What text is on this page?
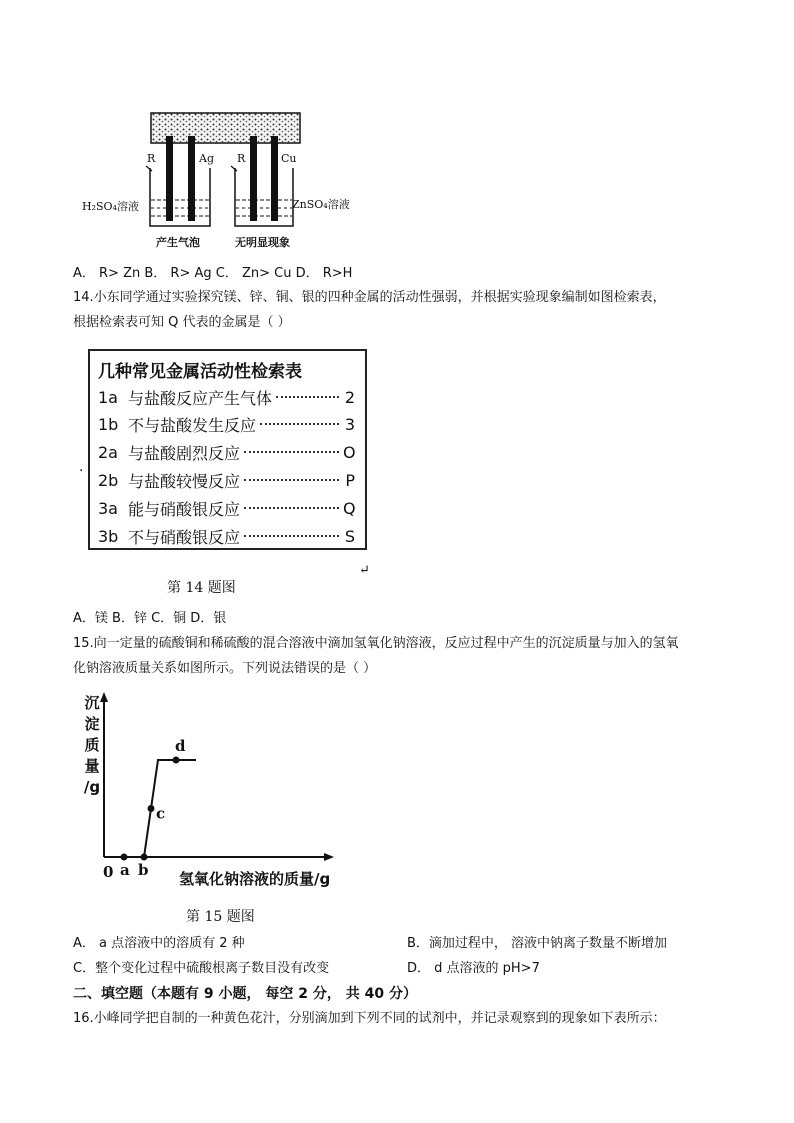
R	Ag R	Cu
H₂SO₄溶液	ZnSO₄溶液
产生气泡	无明显现象
A． R> Zn B． R> Ag C． Zn> Cu D． R>H
14.小东同学通过实验探究镁、锌、铜、银的四种金属的活动性强弱，并根据实验现象编制如图检索表，
根据检索表可知 Q 代表的金属是（ ）
·
几种常见金属活动性检索表
1a 与盐酸反应产生气体	2
1b 不与盐酸发生反应	3
2a 与盐酸剧烈反应	O
2b 与盐酸较慢反应	P
3a 能与硝酸银反应	Q
3b 不与硝酸银反应	S
第 14 题图
↵
A．镁 B．锌 C．铜 D．银
15.向一定量的硫酸铜和稀硫酸的混合溶液中滴加氢氧化钠溶液，反应过程中产生的沉淀质量与加入的氢氧
化钠溶液质量关系如图所示。下列说法错误的是（ ）
沉
淀
质
量
/g
氢氧化钠溶液的质量/g
0 a b
c
d
第 15 题图
A． a 点溶液中的溶质有 2 种	B．滴加过程中， 溶液中钠离子数量不断增加
C．整个变化过程中硫酸根离子数目没有改变	D． d 点溶液的 pH>7
二、填空题（本题有 9 小题， 每空 2 分， 共 40 分）
16.小峰同学把自制的一种黄色花汁，分别滴加到下列不同的试剂中，并记录观察到的现象如下表所示：
